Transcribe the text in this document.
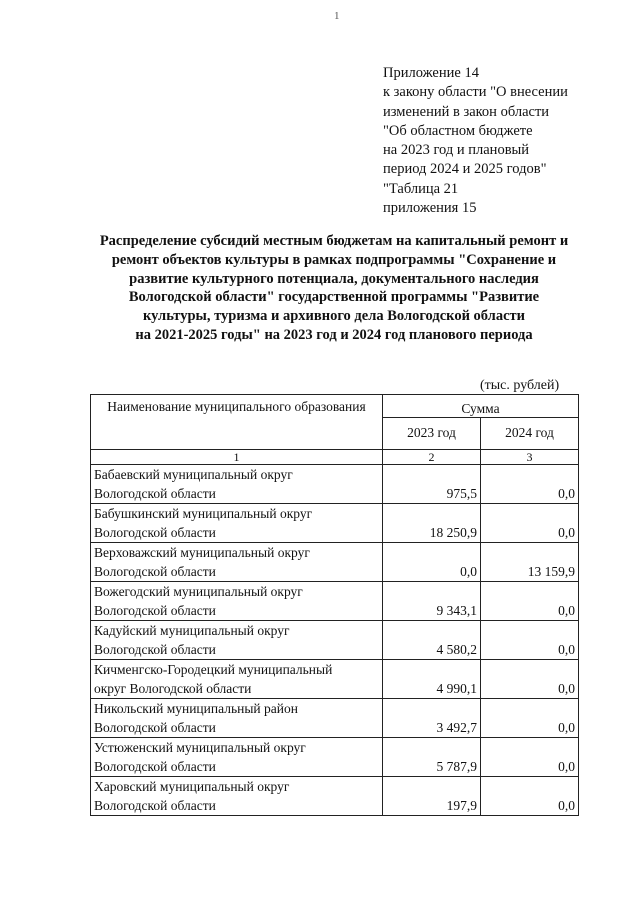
1
Приложение 14
к закону области "О внесении
изменений в закон области
"Об областном бюджете
на 2023 год и плановый
период 2024 и 2025 годов"
"Таблица 21
приложения 15
Распределение субсидий местным бюджетам на капитальный ремонт и
ремонт объектов культуры в рамках подпрограммы "Сохранение и
развитие культурного потенциала, документального наследия
Вологодской области" государственной программы "Развитие
культуры, туризма и архивного дела Вологодской области
на 2021-2025 годы" на 2023 год и 2024 год планового периода
(тыс. рублей)
Наименование муниципального образования	Сумма	
	2023 год	2024 год
1	2	3
Бабаевский муниципальный округ
Вологодской области	975,5	0,0
Бабушкинский муниципальный округ
Вологодской области	18 250,9	0,0
Верховажский муниципальный округ
Вологодской области	0,0	13 159,9
Вожегодский муниципальный округ
Вологодской области	9 343,1	0,0
Кадуйский муниципальный округ
Вологодской области	4 580,2	0,0
Кичменгско-Городецкий муниципальный
округ Вологодской области	4 990,1	0,0
Никольский муниципальный район
Вологодской области	3 492,7	0,0
Устюженский муниципальный округ
Вологодской области	5 787,9	0,0
Харовский муниципальный округ
Вологодской области	197,9	0,0
